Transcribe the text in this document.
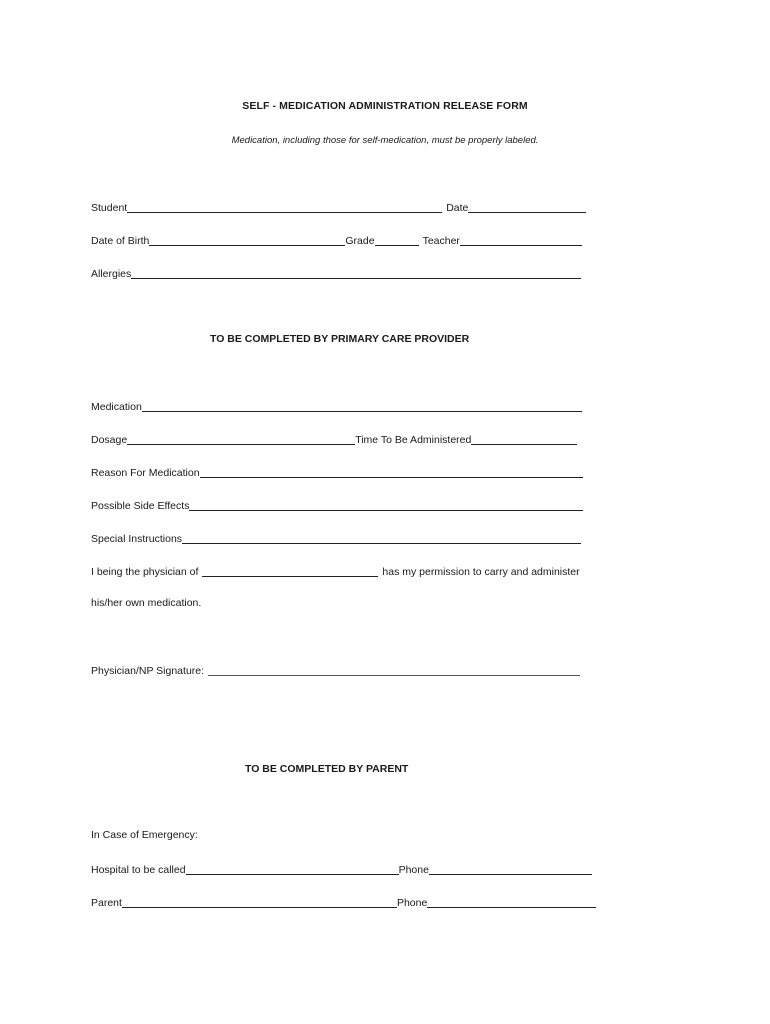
SELF - MEDICATION ADMINISTRATION RELEASE FORM
Medication, including those for self-medication, must be properly labeled.
Student	Date
Date of Birth	Grade	Teacher
Allergies
TO BE COMPLETED BY PRIMARY CARE PROVIDER
Medication
Dosage	Time To Be Administered
Reason For Medication
Possible Side Effects
Special Instructions
I being the physician of	has my permission to carry and administer
his/her own medication.
Physician/NP Signature:
TO BE COMPLETED BY PARENT
In Case of Emergency:
Hospital to be called	Phone
Parent	Phone
